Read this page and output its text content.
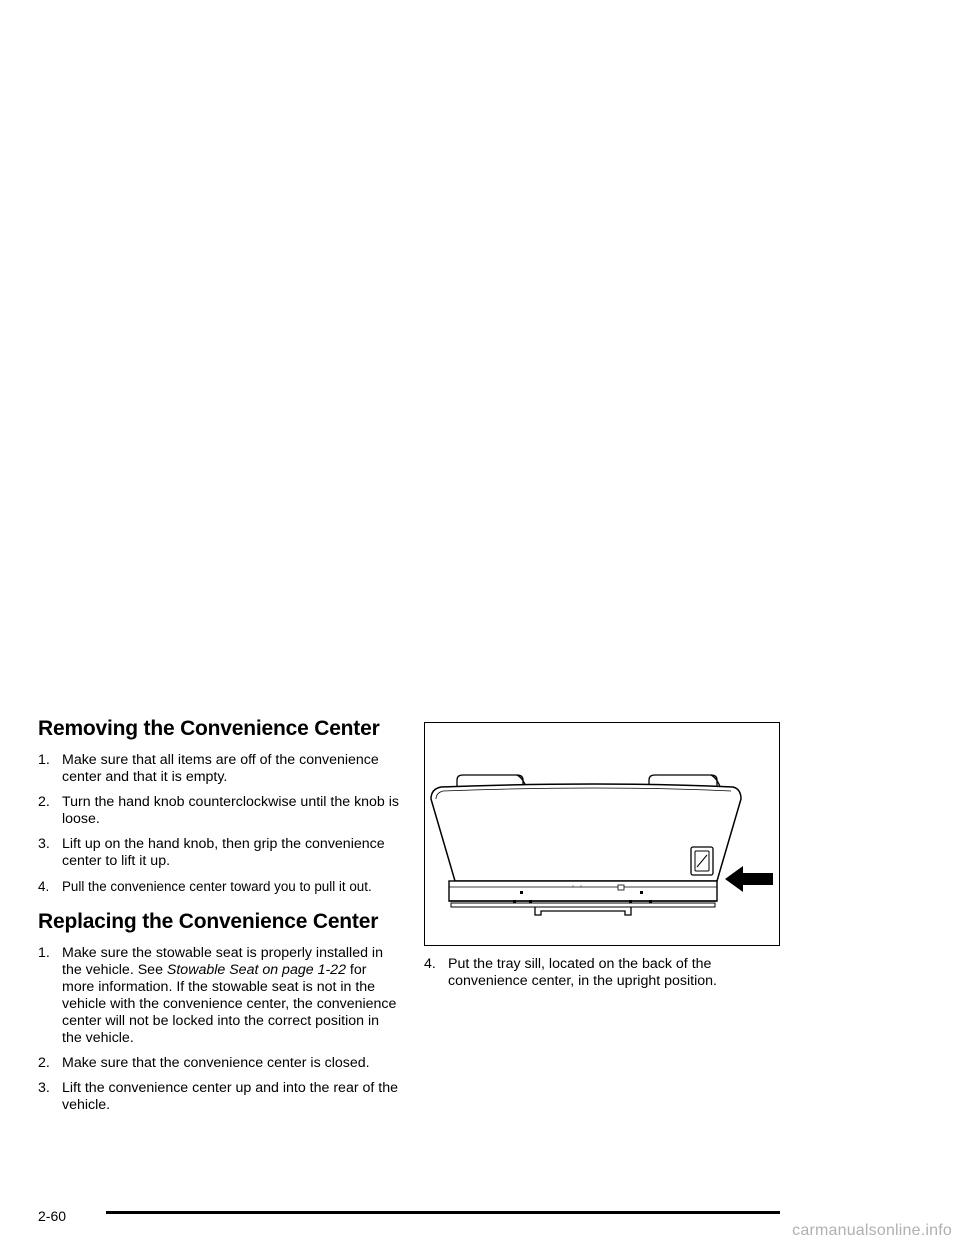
Removing the Convenience Center
1. Make sure that all items are off of the convenience center and that it is empty.
2. Turn the hand knob counterclockwise until the knob is loose.
3. Lift up on the hand knob, then grip the convenience center to lift it up.
4. Pull the convenience center toward you to pull it out.
Replacing the Convenience Center
1. Make sure the stowable seat is properly installed in the vehicle. See Stowable Seat on page 1-22 for more information. If the stowable seat is not in the vehicle with the convenience center, the convenience center will not be locked into the correct position in the vehicle.
2. Make sure that the convenience center is closed.
3. Lift the convenience center up and into the rear of the vehicle.
4. Put the tray sill, located on the back of the convenience center, in the upright position.
2-60
carmanualsonline.info
